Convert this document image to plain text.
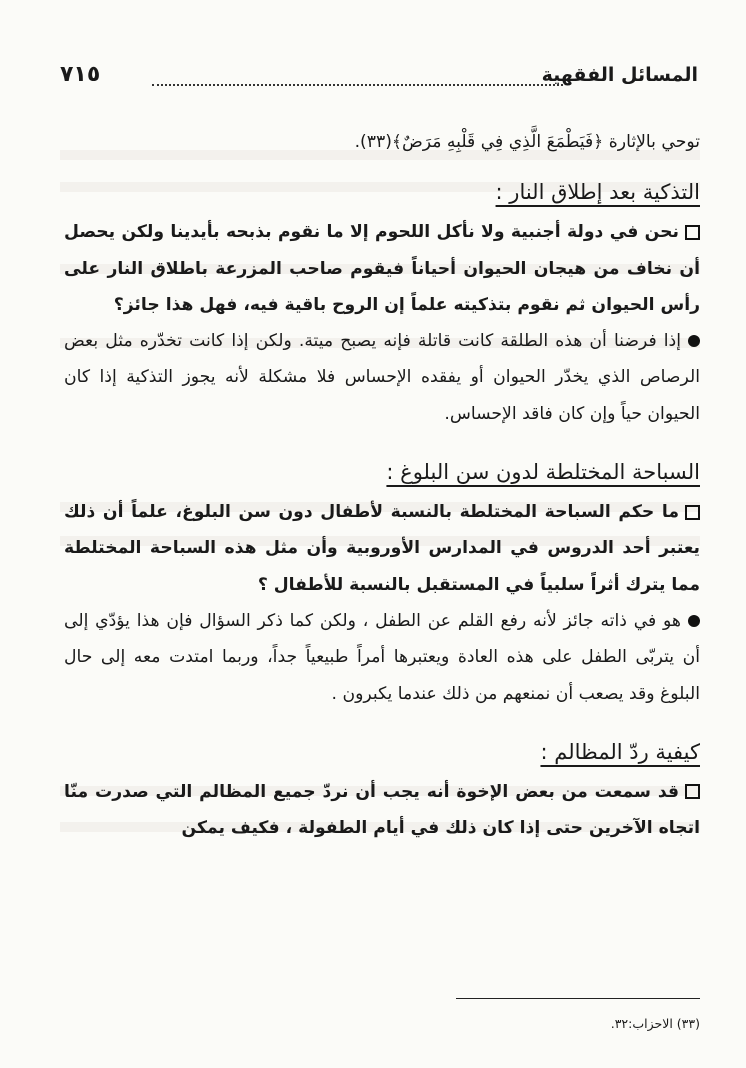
المسائل الفقهية
٧١٥

توحي بالإثارة ﴿فَيَطْمَعَ الَّذِي فِي قَلْبِهِ مَرَضٌ﴾(٣٣).

التذكية بعد إطلاق النار :

نحن في دولة أجنبية ولا نأكل اللحوم إلا ما نقوم بذبحه بأيدينا ولكن يحصل أن نخاف من هيجان الحيوان أحياناً فيقوم صاحب المزرعة باطلاق النار على رأس الحيوان ثم نقوم بتذكيته علماً إن الروح باقية فيه، فهل هذا جائز؟

إذا فرضنا أن هذه الطلقة كانت قاتلة فإنه يصبح ميتة. ولكن إذا كانت تخدّره مثل بعض الرصاص الذي يخدّر الحيوان أو يفقده الإحساس فلا مشكلة لأنه يجوز التذكية إذا كان الحيوان حياً وإن كان فاقد الإحساس.

السباحة المختلطة لدون سن البلوغ :

ما حكم السباحة المختلطة بالنسبة لأطفال دون سن البلوغ، علماً أن ذلك يعتبر أحد الدروس في المدارس الأوروبية وأن مثل هذه السباحة المختلطة مما يترك أثراً سلبياً في المستقبل بالنسبة للأطفال ؟

هو في ذاته جائز لأنه رفع القلم عن الطفل ، ولكن كما ذكر السؤال فإن هذا يؤدّي إلى أن يتربّى الطفل على هذه العادة ويعتبرها أمراً طبيعياً جداً، وربما امتدت معه إلى حال البلوغ وقد يصعب أن نمنعهم من ذلك عندما يكبرون .

كيفية ردّ المظالم :

قد سمعت من بعض الإخوة أنه يجب أن نردّ جميع المظالم التي صدرت منّا اتجاه الآخرين حتى إذا كان ذلك في أيام الطفولة ، فكيف يمكن

(٣٣) الاحزاب:٣٢.
